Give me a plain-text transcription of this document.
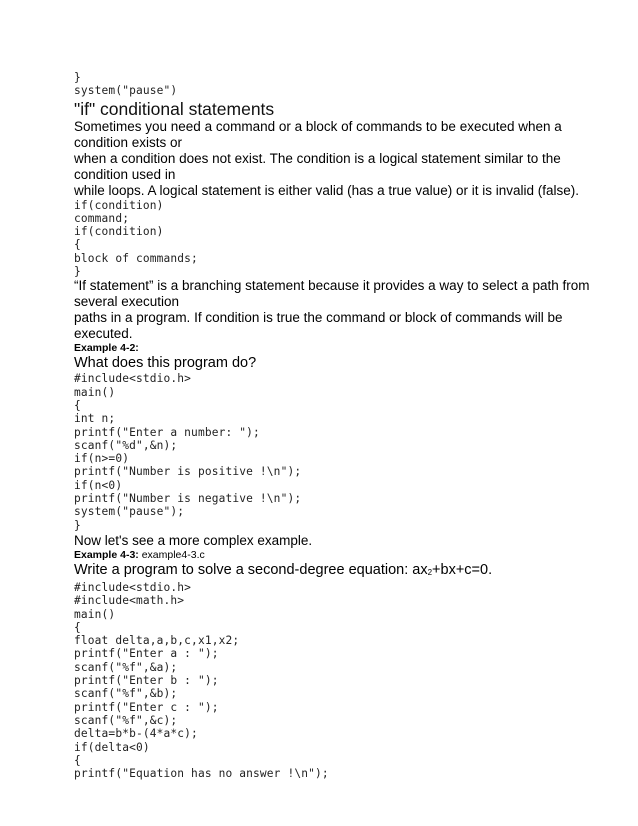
}
system("pause")
"if" conditional statements
Sometimes you need a command or a block of commands to be executed when a
condition exists or
when a condition does not exist. The condition is a logical statement similar to the
condition used in
while loops. A logical statement is either valid (has a true value) or it is invalid (false).
if(condition)
command;
if(condition)
{
block of commands;
}
“If statement” is a branching statement because it provides a way to select a path from
several execution
paths in a program. If condition is true the command or block of commands will be
executed.
Example 4-2:
What does this program do?
#include<stdio.h>
main()
{
int n;
printf("Enter a number: ");
scanf("%d",&n);
if(n>=0)
printf("Number is positive !\n");
if(n<0)
printf("Number is negative !\n");
system("pause");
}
Now let's see a more complex example.
Example 4-3: example4-3.c
Write a program to solve a second-degree equation: $ax_2+bx+c=0$.
#include<stdio.h>
#include<math.h>
main()
{
float delta,a,b,c,x1,x2;
printf("Enter a : ");
scanf("%f",&a);
printf("Enter b : ");
scanf("%f",&b);
printf("Enter c : ");
scanf("%f",&c);
delta=b*b-(4*a*c);
if(delta<0)
{
printf("Equation has no answer !\n");
